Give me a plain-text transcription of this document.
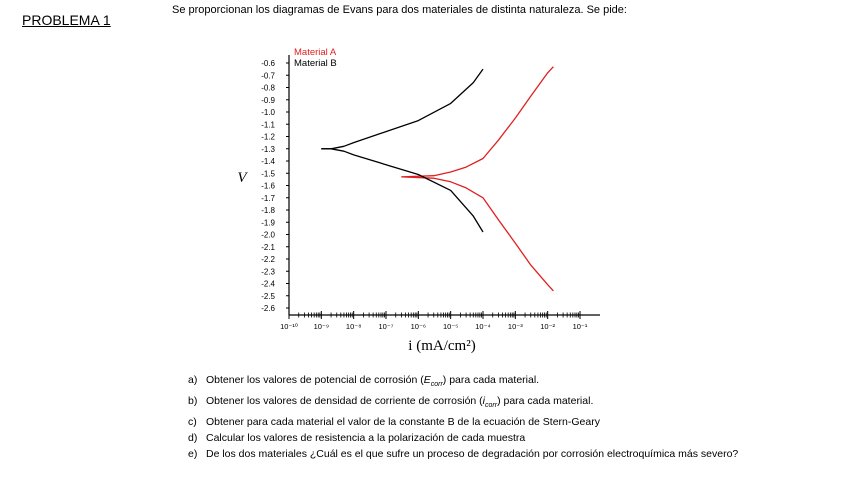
PROBLEMA 1
Se proporcionan los diagramas de Evans para dos materiales de distinta naturaleza. Se pide:
-0.6
-0.7
-0.8
-0.9
-1.0
-1.1
-1.2
-1.3
-1.4
-1.5
-1.6
-1.7
-1.8
-1.9
-2.0
-2.1
-2.2
-2.3
-2.4
-2.5
-2.6
10⁻¹⁰ 10⁻⁹ 10⁻⁸ 10⁻⁷ 10⁻⁶ 10⁻⁵ 10⁻⁴ 10⁻³ 10⁻² 10⁻¹
Material A
Material B
V
i (mA/cm²)
a) Obtener los valores de potencial de corrosión $(E_{corr})$ para cada material.
b) Obtener los valores de densidad de corriente de corrosión $(i_{corr})$ para cada material.
c) Obtener para cada material el valor de la constante B de la ecuación de Stern-Geary
d) Calcular los valores de resistencia a la polarización de cada muestra
e) De los dos materiales ¿Cuál es el que sufre un proceso de degradación por corrosión electroquímica más severo?
